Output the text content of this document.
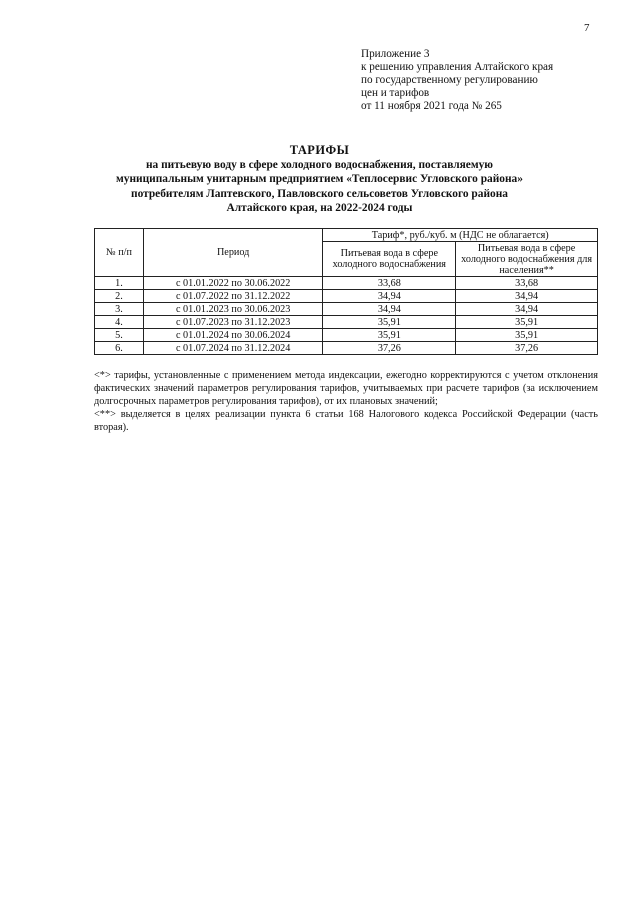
7
Приложение 3
к решению управления Алтайского края
по государственному регулированию
цен и тарифов
от 11 ноября 2021 года № 265
ТАРИФЫ
на питьевую воду в сфере холодного водоснабжения, поставляемую
муниципальным унитарным предприятием «Теплосервис Угловского района»
потребителям Лаптевского, Павловского сельсоветов Угловского района
Алтайского края, на 2022-2024 годы
№ п/п	Период	Тариф*, руб./куб. м (НДС не облагается)	
		Питьевая вода в сфере холодного водоснабжения	Питьевая вода в сфере холодного водоснабжения для населения**
1.	с 01.01.2022 по 30.06.2022	33,68	33,68
2.	с 01.07.2022 по 31.12.2022	34,94	34,94
3.	с 01.01.2023 по 30.06.2023	34,94	34,94
4.	с 01.07.2023 по 31.12.2023	35,91	35,91
5.	с 01.01.2024 по 30.06.2024	35,91	35,91
6.	с 01.07.2024 по 31.12.2024	37,26	37,26

<*> тарифы, установленные с применением метода индексации, ежегодно корректируются с учетом отклонения фактических значений параметров регулирования тарифов, учитываемых при расчете тарифов (за исключением долгосрочных параметров регулирования тарифов), от их плановых значений;

<**> выделяется в целях реализации пункта 6 статьи 168 Налогового кодекса Российской Федерации (часть вторая).
